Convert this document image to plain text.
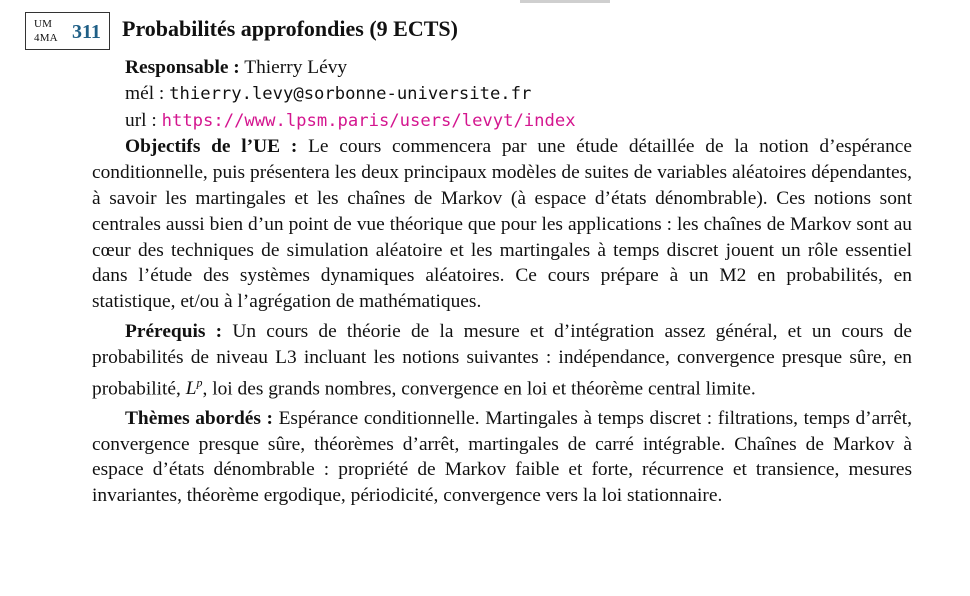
UM
4MA 311 Probabilités approfondies (9 ECTS)

Responsable : Thierry Lévy

mél : thierry.levy@sorbonne-universite.fr

url : https://www.lpsm.paris/users/levyt/index

Objectifs de l’UE : Le cours commencera par une étude détaillée de la notion d’espérance conditionnelle, puis présentera les deux principaux modèles de suites de variables aléatoires dépendantes, à savoir les martingales et les chaînes de Markov (à espace d’états dénombrable). Ces notions sont centrales aussi bien d’un point de vue théorique que pour les applications : les chaînes de Markov sont au cœur des techniques de simulation aléatoire et les martingales à temps discret jouent un rôle essentiel dans l’étude des systèmes dynamiques aléatoires. Ce cours prépare à un M2 en probabilités, en statistique, et/ou à l’agrégation de mathématiques.

Prérequis : Un cours de théorie de la mesure et d’intégration assez général, et un cours de probabilités de niveau L3 incluant les notions suivantes : indépendance, convergence presque sûre, en probabilité, $L^p$, loi des grands nombres, convergence en loi et théorème central limite.

Thèmes abordés : Espérance conditionnelle. Martingales à temps discret : filtrations, temps d’arrêt, convergence presque sûre, théorèmes d’arrêt, martingales de carré intégrable. Chaînes de Markov à espace d’états dénombrable : propriété de Markov faible et forte, récurrence et transience, mesures invariantes, théorème ergodique, périodicité, convergence vers la loi stationnaire.
